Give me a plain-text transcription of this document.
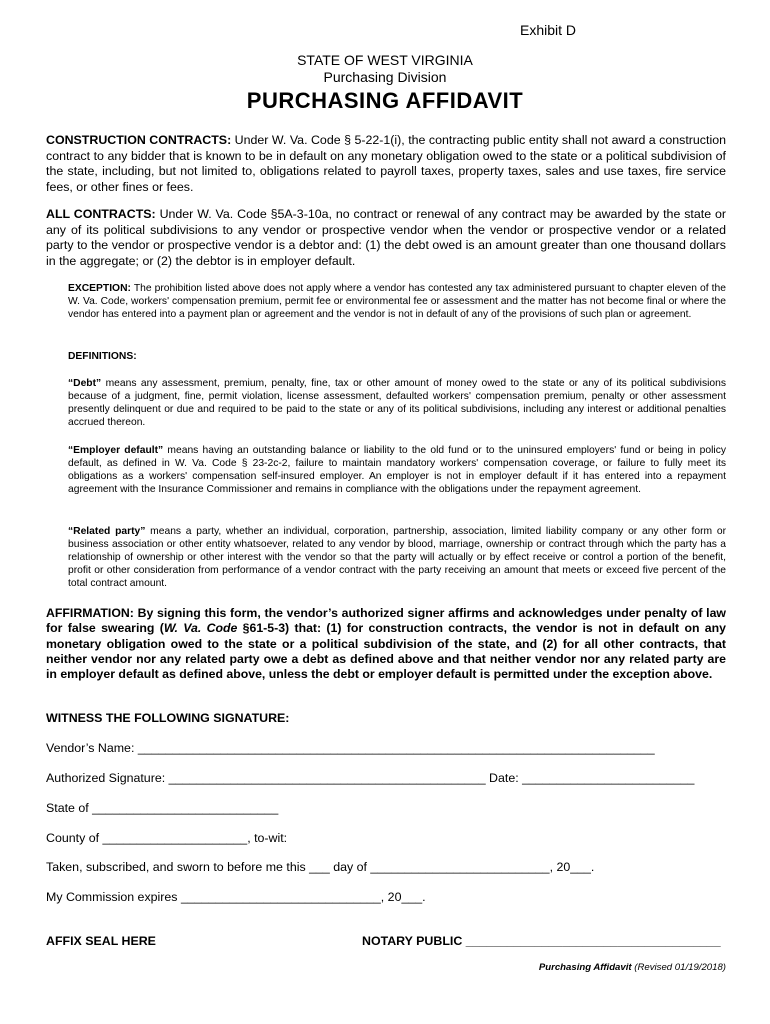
Exhibit D
STATE OF WEST VIRGINIA
Purchasing Division
PURCHASING AFFIDAVIT
CONSTRUCTION CONTRACTS: Under W. Va. Code § 5-22-1(i), the contracting public entity shall not award a construction contract to any bidder that is known to be in default on any monetary obligation owed to the state or a political subdivision of the state, including, but not limited to, obligations related to payroll taxes, property taxes, sales and use taxes, fire service fees, or other fines or fees.
ALL CONTRACTS: Under W. Va. Code §5A-3-10a, no contract or renewal of any contract may be awarded by the state or any of its political subdivisions to any vendor or prospective vendor when the vendor or prospective vendor or a related party to the vendor or prospective vendor is a debtor and: (1) the debt owed is an amount greater than one thousand dollars in the aggregate; or (2) the debtor is in employer default.
EXCEPTION: The prohibition listed above does not apply where a vendor has contested any tax administered pursuant to chapter eleven of the W. Va. Code, workers' compensation premium, permit fee or environmental fee or assessment and the matter has not become final or where the vendor has entered into a payment plan or agreement and the vendor is not in default of any of the provisions of such plan or agreement.
DEFINITIONS:
“Debt” means any assessment, premium, penalty, fine, tax or other amount of money owed to the state or any of its political subdivisions because of a judgment, fine, permit violation, license assessment, defaulted workers' compensation premium, penalty or other assessment presently delinquent or due and required to be paid to the state or any of its political subdivisions, including any interest or additional penalties accrued thereon.
“Employer default” means having an outstanding balance or liability to the old fund or to the uninsured employers' fund or being in policy default, as defined in W. Va. Code § 23-2c-2, failure to maintain mandatory workers' compensation coverage, or failure to fully meet its obligations as a workers' compensation self-insured employer. An employer is not in employer default if it has entered into a repayment agreement with the Insurance Commissioner and remains in compliance with the obligations under the repayment agreement.
“Related party” means a party, whether an individual, corporation, partnership, association, limited liability company or any other form or business association or other entity whatsoever, related to any vendor by blood, marriage, ownership or contract through which the party has a relationship of ownership or other interest with the vendor so that the party will actually or by effect receive or control a portion of the benefit, profit or other consideration from performance of a vendor contract with the party receiving an amount that meets or exceed five percent of the total contract amount.
AFFIRMATION: By signing this form, the vendor’s authorized signer affirms and acknowledges under penalty of law for false swearing (W. Va. Code §61-5-3) that: (1) for construction contracts, the vendor is not in default on any monetary obligation owed to the state or a political subdivision of the state, and (2) for all other contracts, that neither vendor nor any related party owe a debt as defined above and that neither vendor nor any related party are in employer default as defined above, unless the debt or employer default is permitted under the exception above.
WITNESS THE FOLLOWING SIGNATURE:
Vendor’s Name: ___________________________________________________________________________
Authorized Signature: ______________________________________________ Date: _________________________
State of ___________________________
County of _____________________, to-wit:
Taken, subscribed, and sworn to before me this ___ day of __________________________, 20___.
My Commission expires _____________________________, 20___.
AFFIX SEAL HERE	NOTARY PUBLIC _____________________________________
Purchasing Affidavit (Revised 01/19/2018)
